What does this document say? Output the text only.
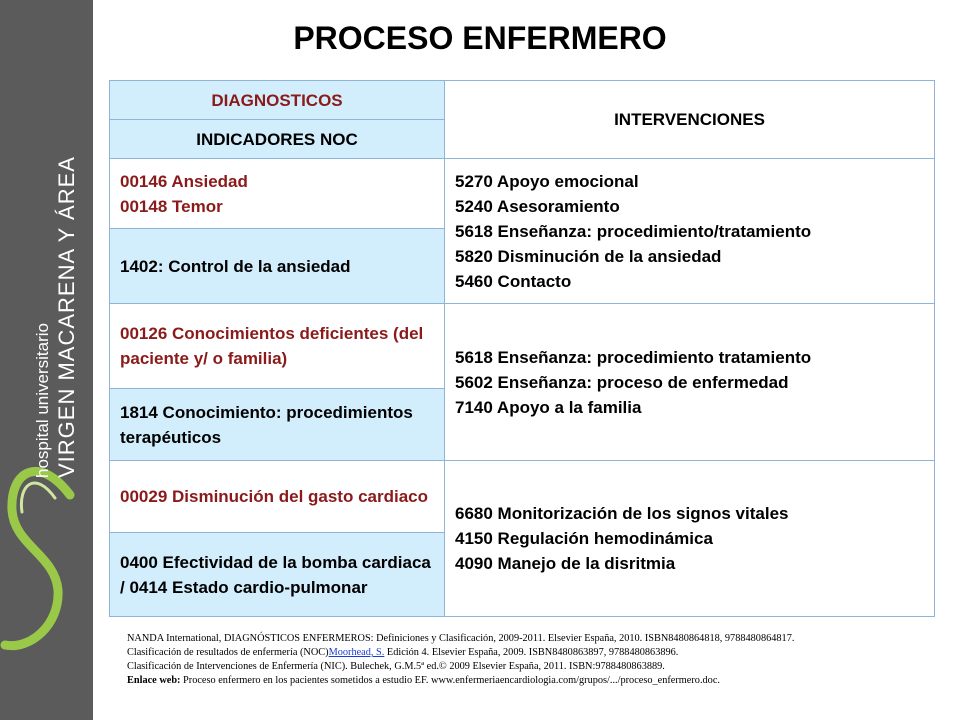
hospital universitario VIRGEN MACARENA Y ÁREA
PROCESO ENFERMERO
DIAGNOSTICOS	INTERVENCIONES
INDICADORES NOC	

00146 Ansiedad
00148 Temor	5270 Apoyo emocional
5240 Asesoramiento
5618 Enseñanza: procedimiento/tratamiento
5820 Disminución de la ansiedad
5460 Contacto

1402: Control de la ansiedad	

00126 Conocimientos deficientes (del paciente y/ o familia)	5618 Enseñanza: procedimiento tratamiento
5602 Enseñanza: proceso de enfermedad
7140 Apoyo a la familia

1814 Conocimiento: procedimientos terapéuticos	

00029 Disminución del gasto cardiaco	6680 Monitorización de los signos vitales
4150 Regulación hemodinámica
4090 Manejo de la disritmia

0400 Efectividad de la bomba cardiaca / 0414 Estado cardio-pulmonar	
NANDA International, DIAGNÓSTICOS ENFERMEROS: Definiciones y Clasificación, 2009-2011. Elsevier España, 2010. ISBN8480864818, 9788480864817.
Clasificación de resultados de enfermería (NOC)Moorhead, S. Edición 4. Elsevier España, 2009. ISBN8480863897, 9788480863896.
Clasificación de Intervenciones de Enfermería (NIC). Bulechek, G.M.5ª ed.© 2009 Elsevier España, 2011. ISBN:9788480863889.
Enlace web: Proceso enfermero en los pacientes sometidos a estudio EF. www.enfermeriaencardiologia.com/grupos/.../proceso_enfermero.doc.
